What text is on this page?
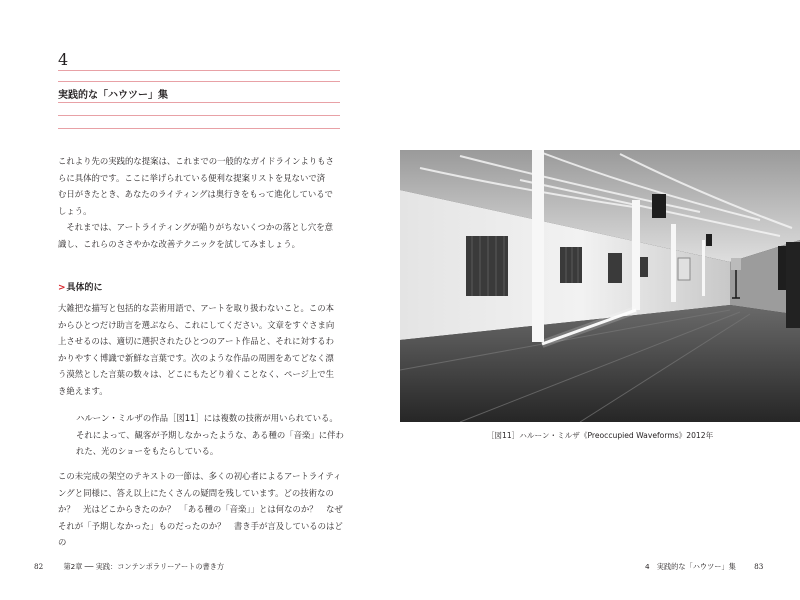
4
実践的な「ハウツー」集

これより先の実践的な提案は、これまでの一般的なガイドラインよりもさ
らに具体的です。ここに挙げられている便利な提案リストを見ないで済
む日がきたとき、あなたのライティングは奥行きをもって進化しているで
しょう。

　それまでは、アートライティングが陥りがちないくつかの落とし穴を意
識し、これらのささやかな改善テクニックを試してみましょう。

>具体的に

大雑把な描写と包括的な芸術用語で、アートを取り扱わないこと。この本
からひとつだけ助言を選ぶなら、これにしてください。文章をすぐさま向
上させるのは、適切に選択されたひとつのアート作品と、それに対するわ
かりやすく博識で新鮮な言葉です。次のような作品の周囲をあてどなく漂
う漠然とした言葉の数々は、どこにもたどり着くことなく、ページ上で生
き絶えます。

ハルーン・ミルザの作品［図11］には複数の技術が用いられている。
それによって、観客が予期しなかったような、ある種の「音楽」に伴わ
れた、光のショーをもたらしている。

この未完成の架空のテキストの一節は、多くの初心者によるアートライティ
ングと同様に、答え以上にたくさんの疑問を残しています。どの技術なの
か？　光はどこからきたのか？　「ある種の「音楽」」とは何なのか？　なぜ
それが「予期しなかった」ものだったのか？　書き手が言及しているのはどの

82	第2章 ── 実践：コンテンポラリーアートの書き方
［図11］ハルーン・ミルザ《Preoccupied Waveforms》2012年
4　実践的な「ハウツー」集	83
